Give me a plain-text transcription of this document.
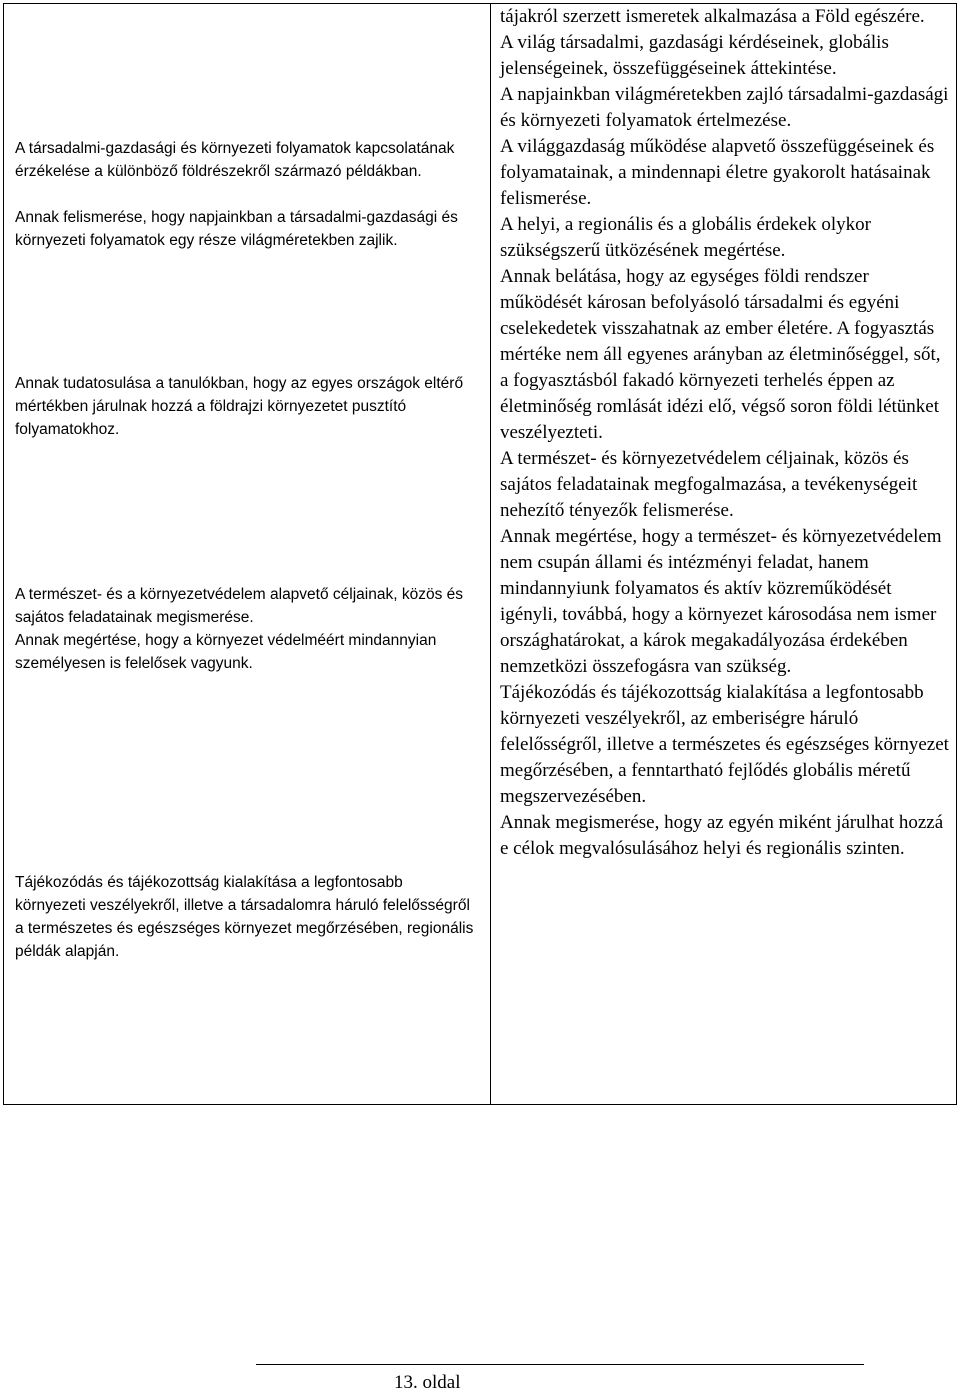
A társadalmi-gazdasági és környezeti folyamatok kapcsolatának érzékelése a különböző földrészekről származó példákban.

Annak felismerése, hogy napjainkban a társadalmi-gazdasági és környezeti folyamatok egy része világméretekben zajlik.

Annak tudatosulása a tanulókban, hogy az egyes országok eltérő mértékben járulnak hozzá a földrajzi környezetet pusztító folyamatokhoz.

A természet- és a környezetvédelem alapvető céljainak, közös és sajátos feladatainak megismerése.

Annak megértése, hogy a környezet védelméért mindannyian személyesen is felelősek vagyunk.

Tájékozódás és tájékozottság kialakítása a legfontosabb környezeti veszélyekről, illetve a társadalomra háruló felelősségről a természetes és egészséges környezet megőrzésében, regionális példák alapján.

tájakról szerzett ismeretek alkalmazása a Föld egészére.

A világ társadalmi, gazdasági kérdéseinek, globális jelenségeinek, összefüggéseinek áttekintése.

A napjainkban világméretekben zajló társadalmi-gazdasági és környezeti folyamatok értelmezése.

A világgazdaság működése alapvető összefüggéseinek és folyamatainak, a mindennapi életre gyakorolt hatásainak felismerése.

A helyi, a regionális és a globális érdekek olykor szükségszerű ütközésének megértése.

Annak belátása, hogy az egységes földi rendszer működését károsan befolyásoló társadalmi és egyéni cselekedetek visszahatnak az ember életére. A fogyasztás mértéke nem áll egyenes arányban az életminőséggel, sőt, a fogyasztásból fakadó környezeti terhelés éppen az életminőség romlását idézi elő, végső soron földi létünket veszélyezteti.

A természet- és környezetvédelem céljainak, közös és sajátos feladatainak megfogalmazása, a tevékenységeit nehezítő tényezők felismerése.

Annak megértése, hogy a természet- és környezetvédelem nem csupán állami és intézményi feladat, hanem mindannyiunk folyamatos és aktív közreműködését igényli, továbbá, hogy a környezet károsodása nem ismer országhatárokat, a károk megakadályozása érdekében nemzetközi összefogásra van szükség.

Tájékozódás és tájékozottság kialakítása a legfontosabb környezeti veszélyekről, az emberiségre háruló felelősségről, illetve a természetes és egészséges környezet megőrzésében, a fenntartható fejlődés globális méretű megszervezésében.

Annak megismerése, hogy az egyén miként járulhat hozzá e célok megvalósulásához helyi és regionális szinten.

13. oldal
